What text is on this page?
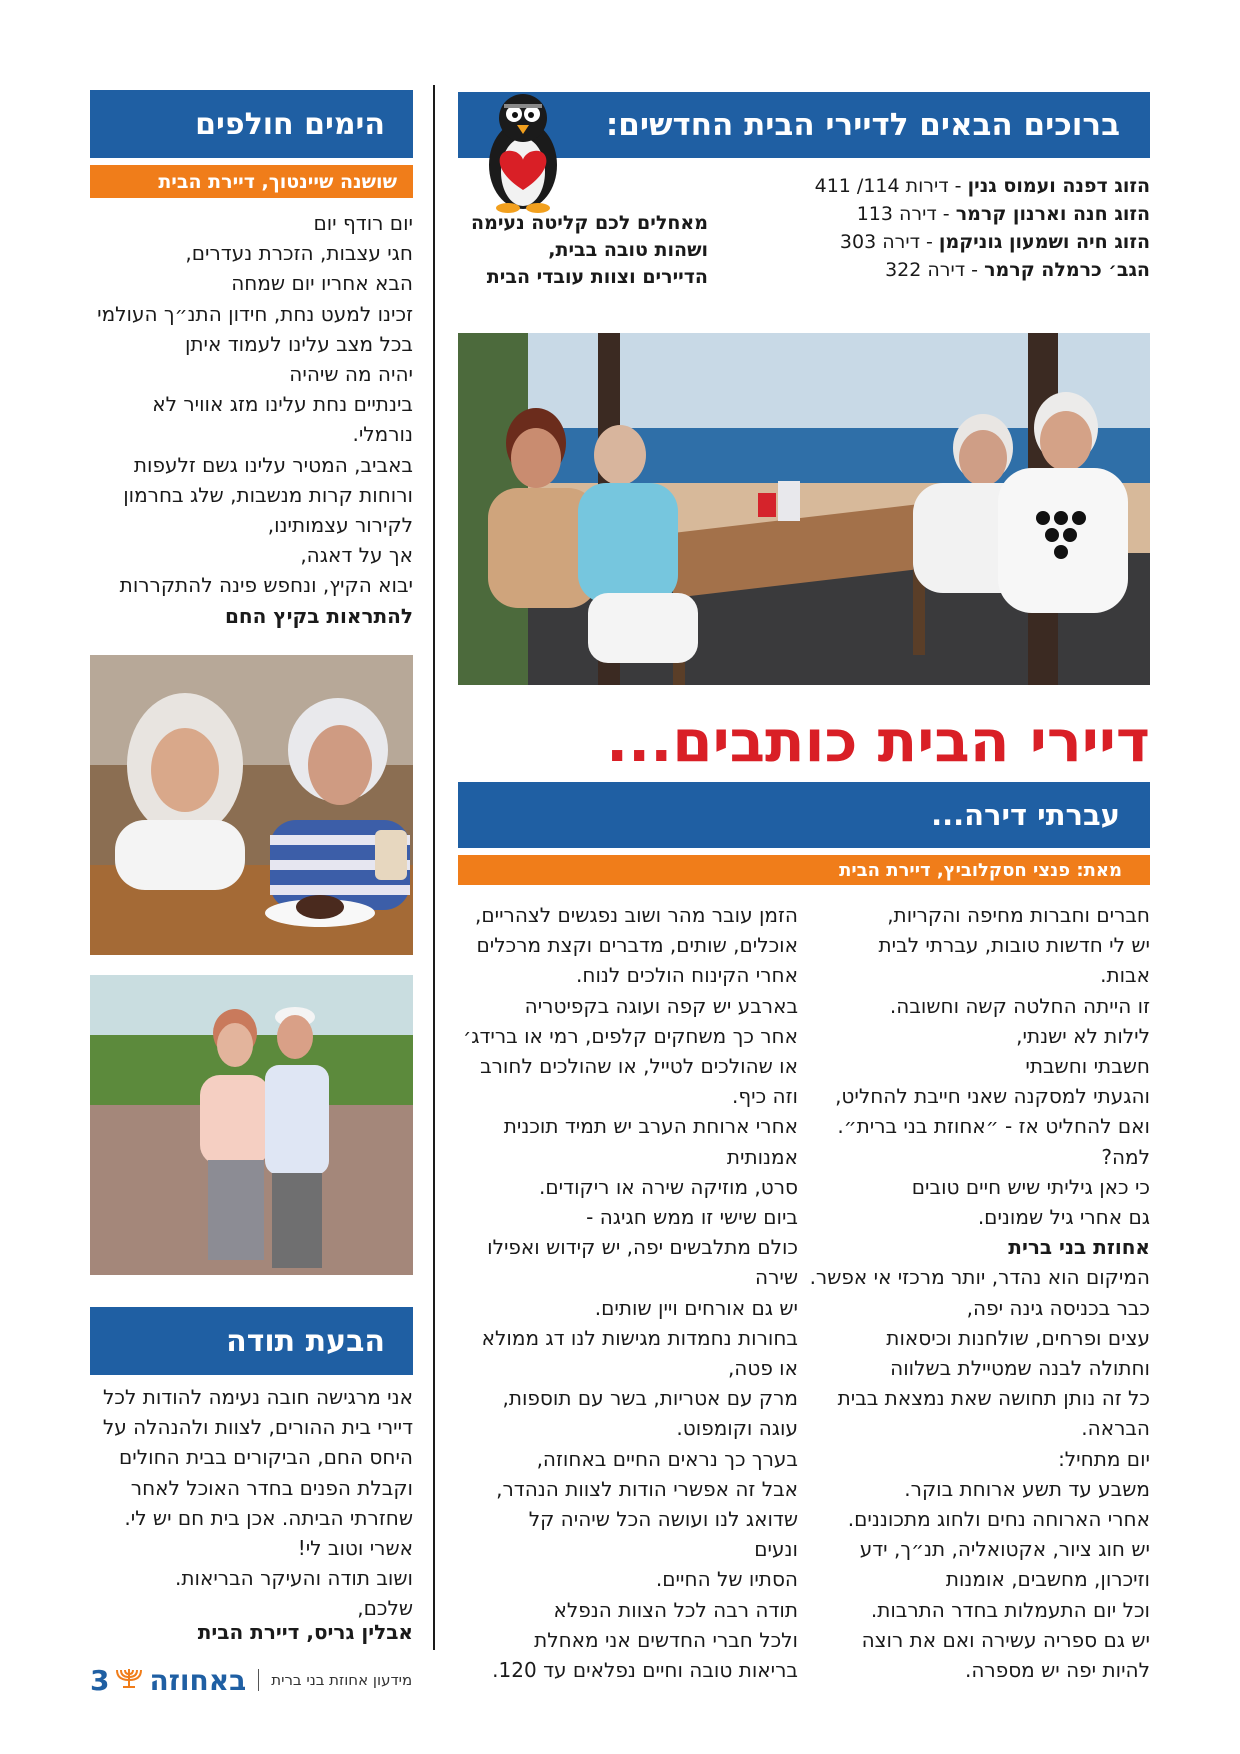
הימים חולפים
שושנה שיינטוך, דיירת הבית
יום רודף יום
חגי עצבות, הזכרת נעדרים,
הבא אחריו יום שמחה
זכינו למעט נחת, חידון התנ״ך העולמי
בכל מצב עלינו לעמוד איתן
יהיה מה שיהיה
בינתיים נחת עלינו מזג אוויר לא
נורמלי.
באביב, המטיר עלינו גשם זלעפות
ורוחות קרות מנשבות, שלג בחרמון
לקירור עצמותינו,
אך על דאגה,
יבוא הקיץ, ונחפש פינה להתקררות
להתראות בקיץ החם
הבעת תודה
אני מרגישה חובה נעימה להודות לכל
דיירי בית ההורים, לצוות ולהנהלה על
היחס החם, הביקורים בבית החולים
וקבלת הפנים בחדר האוכל לאחר
שחזרתי הביתה. אכן בית חם יש לי.
אשרי וטוב לי!
ושוב תודה והעיקר הבריאות.
שלכם,
אבלין גריס, דיירת הבית
ברוכים הבאים לדיירי הבית החדשים:
הזוג דפנה ועמוס גנין - דירות 114/ 411
הזוג חנה וארנון קרמר - דירה 113
הזוג חיה ושמעון גוניקמן - דירה 303
הגב׳ כרמלה קרמר - דירה 322
מאחלים לכם קליטה נעימה
ושהות טובה בבית,
הדיירים וצוות עובדי הבית
דיירי הבית כותבים...
עברתי דירה...
מאת: פנצי חסקלוביץ, דיירת הבית
חברים וחברות מחיפה והקריות,
יש לי חדשות טובות, עברתי לבית
אבות.
זו הייתה החלטה קשה וחשובה.
לילות לא ישנתי,
חשבתי וחשבתי
והגעתי למסקנה שאני חייבת להחליט,
ואם להחליט אז - ״אחוזת בני ברית״.
למה?
כי כאן גיליתי שיש חיים טובים
גם אחרי גיל שמונים.
אחוזת בני ברית
המיקום הוא נהדר, יותר מרכזי אי אפשר.
כבר בכניסה גינה יפה,
עצים ופרחים, שולחנות וכיסאות
וחתולה לבנה שמטיילת בשלווה
כל זה נותן תחושה שאת נמצאת בבית
הבראה.
יום מתחיל:
משבע עד תשע ארוחת בוקר.
אחרי הארוחה נחים ולחוג מתכוננים.
יש חוג ציור, אקטואליה, תנ״ך, ידע
וזיכרון, מחשבים, אומנות
וכל יום התעמלות בחדר התרבות.
יש גם ספריה עשירה ואם את רוצה
להיות יפה יש מספרה.
הזמן עובר מהר ושוב נפגשים לצהריים,
אוכלים, שותים, מדברים וקצת מרכלים
אחרי הקינוח הולכים לנוח.
בארבע יש קפה ועוגה בקפיטריה
אחר כך משחקים קלפים, רמי או ברידג׳
או שהולכים לטייל, או שהולכים לחורב
וזה כיף.
אחרי ארוחת הערב יש תמיד תוכנית
אמנותית
סרט, מוזיקה שירה או ריקודים.
ביום שישי זו ממש חגיגה -
כולם מתלבשים יפה, יש קידוש ואפילו
שירה
יש גם אורחים ויין שותים.
בחורות נחמדות מגישות לנו דג ממולא
או פטה,
מרק עם אטריות, בשר עם תוספות,
עוגה וקומפוט.
בערך כך נראים החיים באחוזה,
אבל זה אפשרי הודות לצוות הנהדר,
שדואג לנו ועושה הכל שיהיה קל
ונעים
הסתיו של החיים.
תודה רבה לכל הצוות הנפלא
ולכל חברי החדשים אני מאחלת
בריאות טובה וחיים נפלאים עד 120.
3 באחוזה מידעון אחוזת בני ברית
